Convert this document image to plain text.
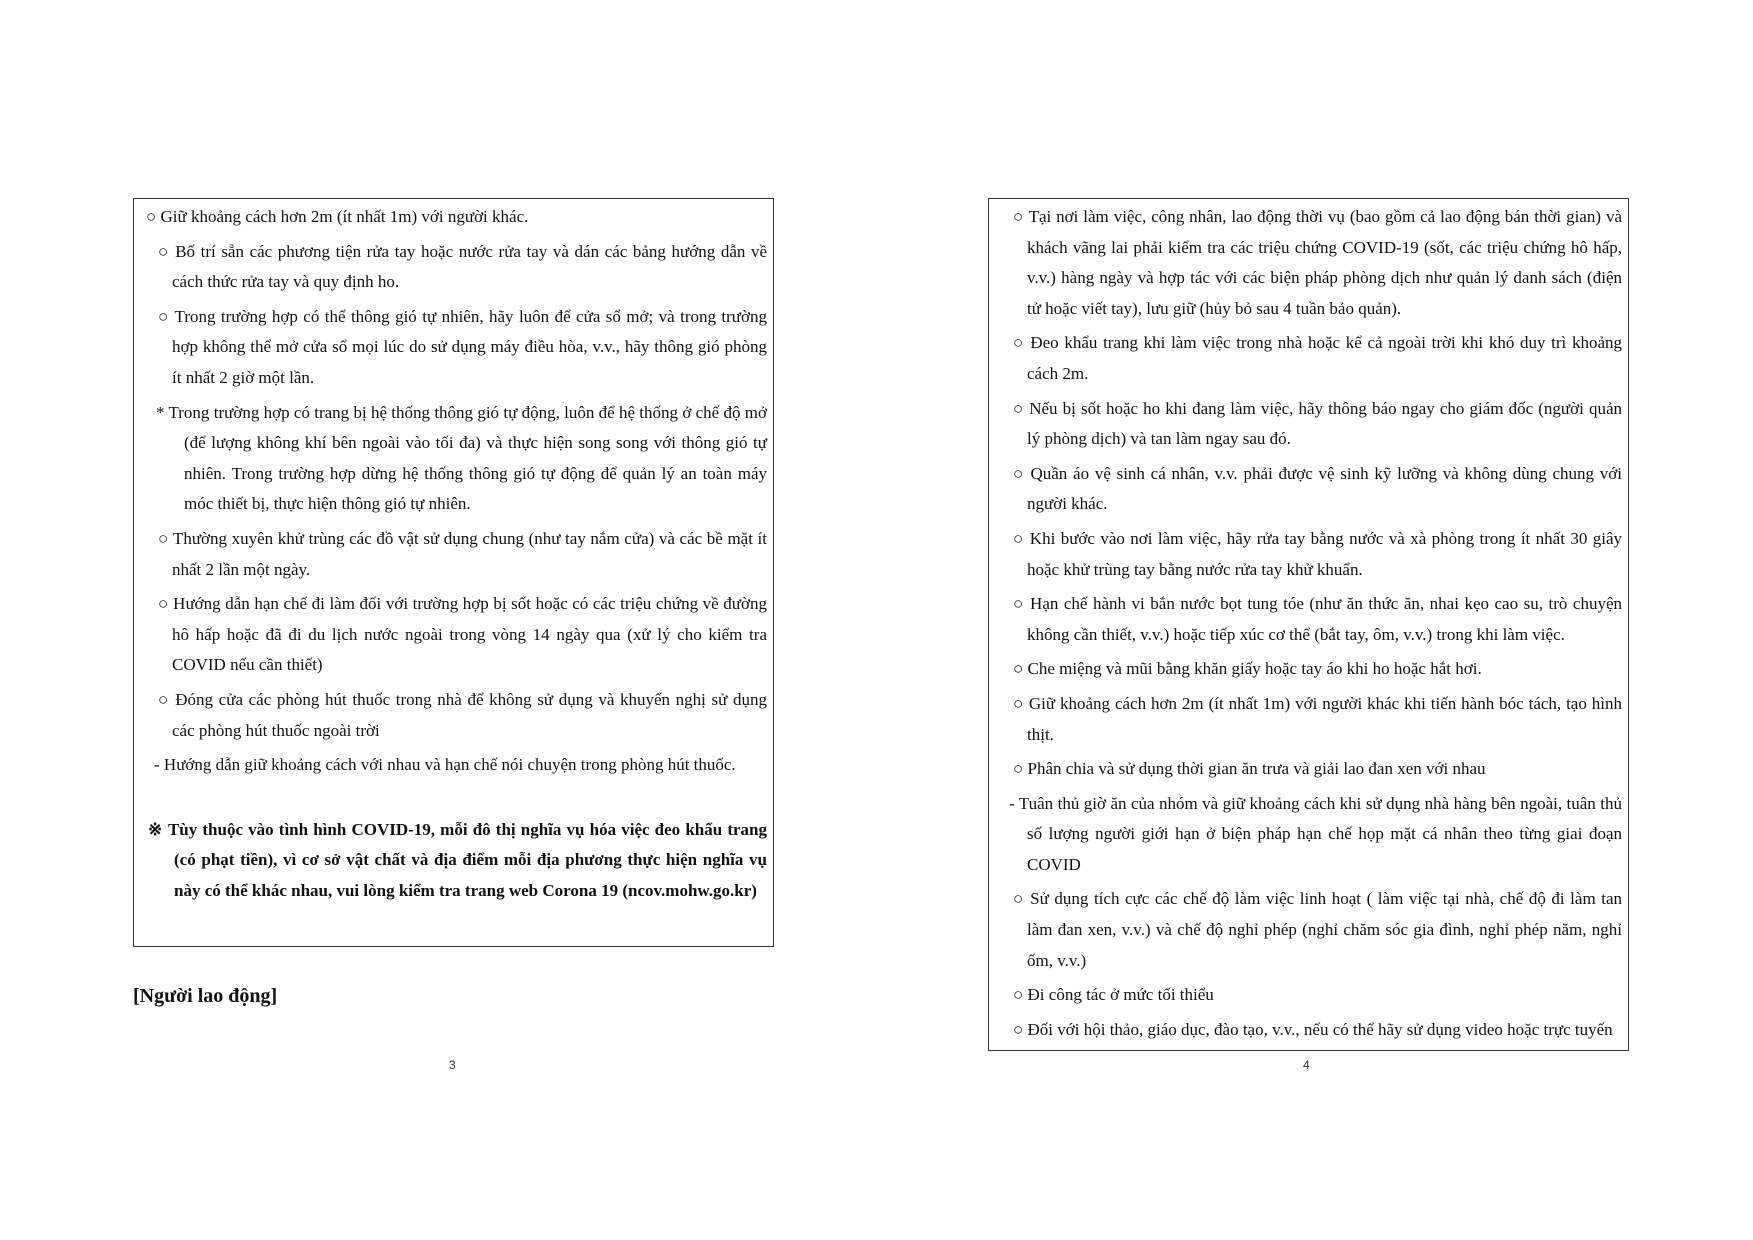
○ Giữ khoảng cách hơn 2m (ít nhất 1m) với người khác.

○ Bố trí sẵn các phương tiện rửa tay hoặc nước rửa tay và dán các bảng hướng dẫn về cách thức rửa tay và quy định ho.

○ Trong trường hợp có thể thông gió tự nhiên, hãy luôn để cửa sổ mở; và trong trường hợp không thể mở cửa sổ mọi lúc do sử dụng máy điều hòa, v.v., hãy thông gió phòng ít nhất 2 giờ một lần.

* Trong trường hợp có trang bị hệ thống thông gió tự động, luôn để hệ thống ở chế độ mở (để lượng không khí bên ngoài vào tối đa) và thực hiện song song với thông gió tự nhiên. Trong trường hợp dừng hệ thống thông gió tự động để quản lý an toàn máy móc thiết bị, thực hiện thông gió tự nhiên.

○ Thường xuyên khử trùng các đồ vật sử dụng chung (như tay nắm cửa) và các bề mặt ít nhất 2 lần một ngày.

○ Hướng dẫn hạn chế đi làm đối với trường hợp bị sốt hoặc có các triệu chứng về đường hô hấp hoặc đã đi du lịch nước ngoài trong vòng 14 ngày qua (xử lý cho kiểm tra COVID nếu cần thiết)

○ Đóng cửa các phòng hút thuốc trong nhà để không sử dụng và khuyến nghị sử dụng các phòng hút thuốc ngoài trời

- Hướng dẫn giữ khoảng cách với nhau và hạn chế nói chuyện trong phòng hút thuốc.

※ Tùy thuộc vào tình hình COVID-19, mỗi đô thị nghĩa vụ hóa việc đeo khẩu trang (có phạt tiền), vì cơ sở vật chất và địa điểm mỗi địa phương thực hiện nghĩa vụ này có thể khác nhau, vui lòng kiểm tra trang web Corona 19 (ncov.mohw.go.kr)

[Người lao động]
3

○ Tại nơi làm việc, công nhân, lao động thời vụ (bao gồm cả lao động bán thời gian) và khách vãng lai phải kiểm tra các triệu chứng COVID-19 (sốt, các triệu chứng hô hấp, v.v.) hàng ngày và hợp tác với các biện pháp phòng dịch như quản lý danh sách (điện tử hoặc viết tay), lưu giữ (hủy bỏ sau 4 tuần bảo quản).

○ Đeo khẩu trang khi làm việc trong nhà hoặc kể cả ngoài trời khi khó duy trì khoảng cách 2m.

○ Nếu bị sốt hoặc ho khi đang làm việc, hãy thông báo ngay cho giám đốc (người quản lý phòng dịch) và tan làm ngay sau đó.

○ Quần áo vệ sinh cá nhân, v.v. phải được vệ sinh kỹ lưỡng và không dùng chung với người khác.

○ Khi bước vào nơi làm việc, hãy rửa tay bằng nước và xà phòng trong ít nhất 30 giây hoặc khử trùng tay bằng nước rửa tay khử khuẩn.

○ Hạn chế hành vi bắn nước bọt tung tóe (như ăn thức ăn, nhai kẹo cao su, trò chuyện không cần thiết, v.v.) hoặc tiếp xúc cơ thể (bắt tay, ôm, v.v.) trong khi làm việc.

○ Che miệng và mũi bằng khăn giấy hoặc tay áo khi ho hoặc hắt hơi.

○ Giữ khoảng cách hơn 2m (ít nhất 1m) với người khác khi tiến hành bóc tách, tạo hình thịt.

○ Phân chia và sử dụng thời gian ăn trưa và giải lao đan xen với nhau

- Tuân thủ giờ ăn của nhóm và giữ khoảng cách khi sử dụng nhà hàng bên ngoài, tuân thủ số lượng người giới hạn ở biện pháp hạn chế họp mặt cá nhân theo từng giai đoạn COVID

○ Sử dụng tích cực các chế độ làm việc linh hoạt ( làm việc tại nhà, chế độ đi làm tan làm đan xen, v.v.) và chế độ nghỉ phép (nghỉ chăm sóc gia đình, nghỉ phép năm, nghỉ ốm, v.v.)

○ Đi công tác ở mức tối thiểu

○ Đối với hội thảo, giáo dục, đào tạo, v.v., nếu có thể hãy sử dụng video hoặc trực tuyến

4
